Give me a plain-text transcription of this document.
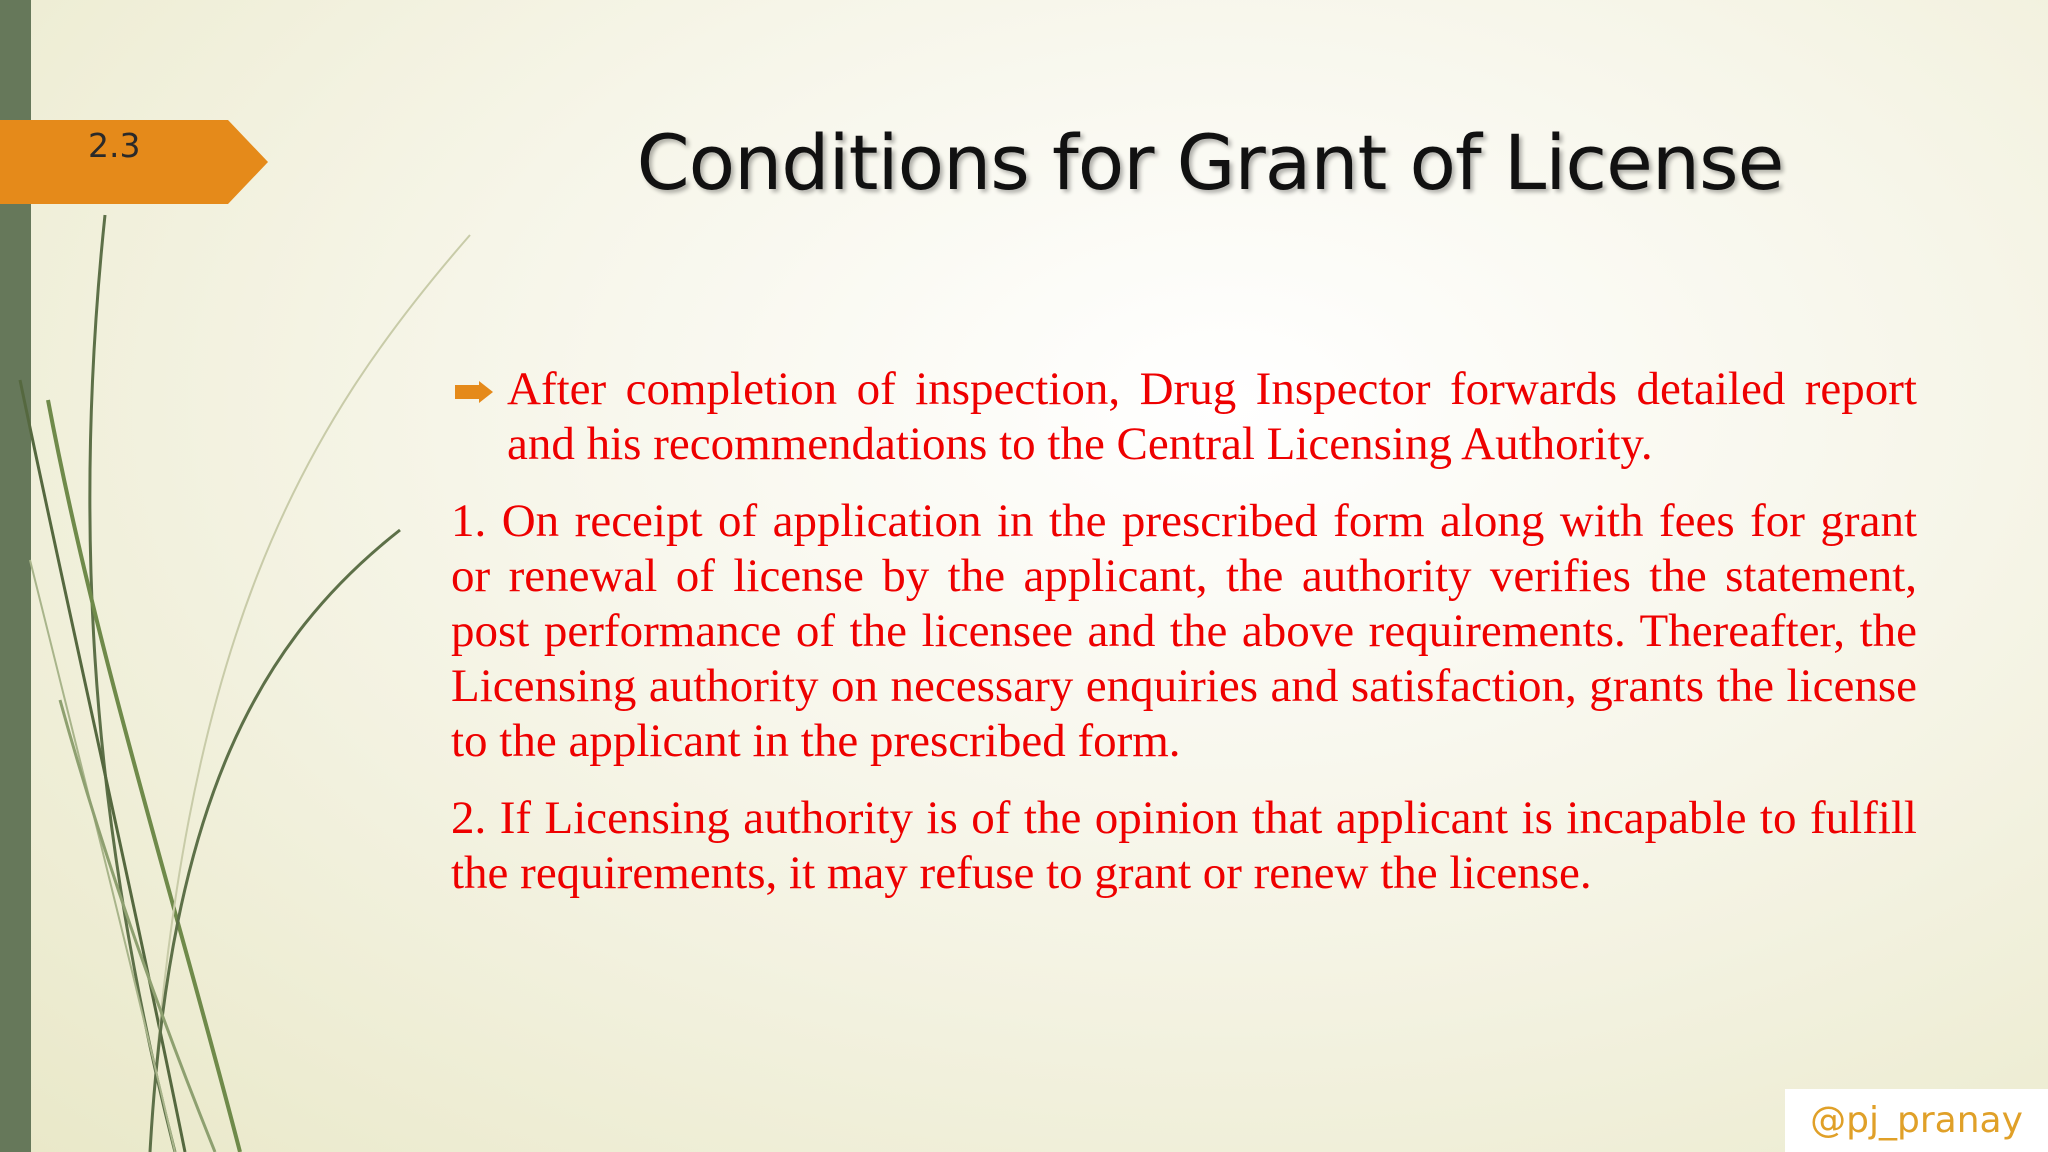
2.3	Conditions for Grant of License
After completion of inspection, Drug Inspector forwards detailed report and his recommendations to the Central Licensing Authority.
1. On receipt of application in the prescribed form along with fees for grant or renewal of license by the applicant, the authority verifies the statement, post performance of the licensee and the above requirements. Thereafter, the Licensing authority on necessary enquiries and satisfaction, grants the license to the applicant in the prescribed form.
2. If Licensing authority is of the opinion that applicant is incapable to fulfill the requirements, it may refuse to grant or renew the license.
@pj_pranay
